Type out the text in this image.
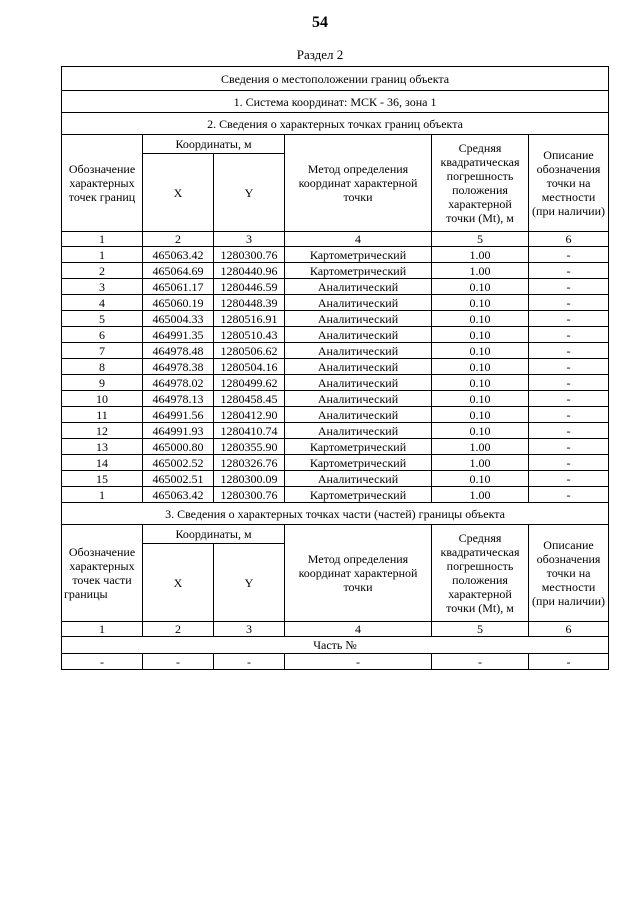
54
Раздел 2
Сведения о местоположении границ объекта					
1. Система координат: МСК - 36, зона 1					
2. Сведения о характерных точках границ объекта					
Обозначение характерных точек границ	Координаты, м		Метод определения координат характерной точки	Средняя квадратическая погрешность положения характерной точки (Mt), м	Описание обозначения точки на местности (при наличии)
	X	Y			
1	2	3	4	5	6
1	465063.42	1280300.76	Картометрический	1.00	-
2	465064.69	1280440.96	Картометрический	1.00	-
3	465061.17	1280446.59	Аналитический	0.10	-
4	465060.19	1280448.39	Аналитический	0.10	-
5	465004.33	1280516.91	Аналитический	0.10	-
6	464991.35	1280510.43	Аналитический	0.10	-
7	464978.48	1280506.62	Аналитический	0.10	-
8	464978.38	1280504.16	Аналитический	0.10	-
9	464978.02	1280499.62	Аналитический	0.10	-
10	464978.13	1280458.45	Аналитический	0.10	-
11	464991.56	1280412.90	Аналитический	0.10	-
12	464991.93	1280410.74	Аналитический	0.10	-
13	465000.80	1280355.90	Картометрический	1.00	-
14	465002.52	1280326.76	Картометрический	1.00	-
15	465002.51	1280300.09	Аналитический	0.10	-
1	465063.42	1280300.76	Картометрический	1.00	-
3. Сведения о характерных точках части (частей) границы объекта					
Обозначение характерных точек части границы	Координаты, м		Метод определения координат характерной точки	Средняя квадратическая погрешность положения характерной точки (Mt), м	Описание обозначения точки на местности (при наличии)
	X	Y			
1	2	3	4	5	6
Часть №					
-	-	-	-	-	-
